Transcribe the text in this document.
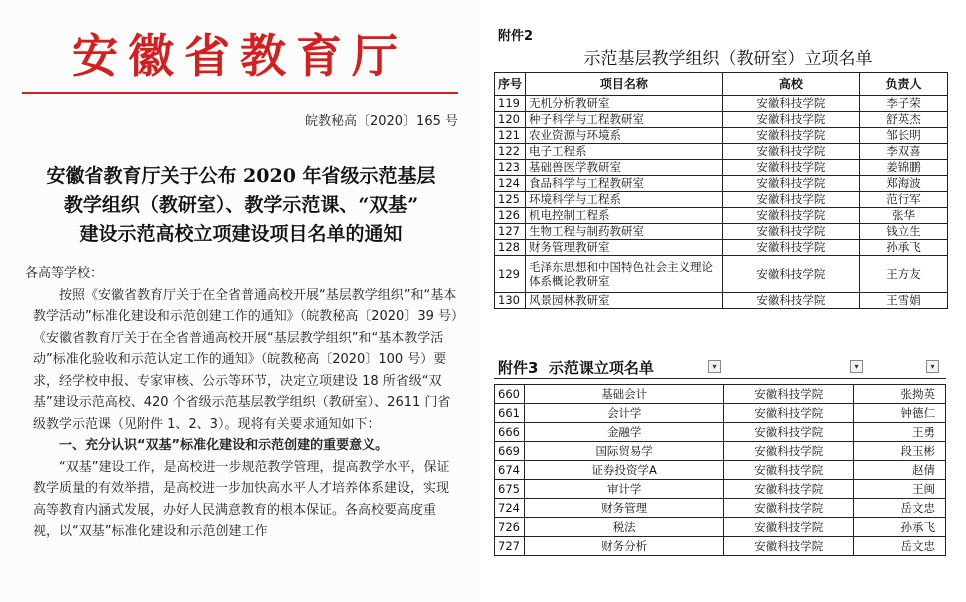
安徽省教育厅
皖教秘高〔2020〕165 号
安徽省教育厅关于公布 2020 年省级示范基层
教学组织（教研室）、教学示范课、“双基”
建设示范高校立项建设项目名单的通知

各高等学校：

按照《安徽省教育厅关于在全省普通高校开展“基层教学组织”和“基本教学活动”标准化建设和示范创建工作的通知》（皖教秘高〔2020〕39 号）《安徽省教育厅关于在全省普通高校开展“基层教学组织”和“基本教学活动”标准化验收和示范认定工作的通知》（皖教秘高〔2020〕100 号）要求，经学校申报、专家审核、公示等环节，决定立项建设 18 所省级“双基”建设示范高校、420 个省级示范基层教学组织（教研室）、2611 门省级教学示范课（见附件 1、2、3）。现将有关要求通知如下：

一、充分认识“双基”标准化建设和示范创建的重要意义。

“双基”建设工作，是高校进一步规范教学管理，提高教学水平，保证教学质量的有效举措，是高校进一步加快高水平人才培养体系建设，实现高等教育内涵式发展，办好人民满意教育的根本保证。各高校要高度重视，以“双基”标准化建设和示范创建工作

附件2
示范基层教学组织（教研室）立项名单
序号	项目名称	高校	负责人
119	无机分析教研室	安徽科技学院	李子荣
120	种子科学与工程教研室	安徽科技学院	舒英杰
121	农业资源与环境系	安徽科技学院	邹长明
122	电子工程系	安徽科技学院	李双喜
123	基础兽医学教研室	安徽科技学院	姜锦鹏
124	食品科学与工程教研室	安徽科技学院	郑海波
125	环境科学与工程系	安徽科技学院	范行军
126	机电控制工程系	安徽科技学院	张华
127	生物工程与制药教研室	安徽科技学院	钱立生
128	财务管理教研室	安徽科技学院	孙承飞
129	毛泽东思想和中国特色社会主义理论体系概论教研室	安徽科技学院	王方友
130	风景园林教研室	安徽科技学院	王雪娟
附件3 示范课立项名单	▾	▾	▾
660	基础会计	安徽科技学院	张拗英
661	会计学	安徽科技学院	钟德仁
666	金融学	安徽科技学院	王勇
669	国际贸易学	安徽科技学院	段玉彬
674	证券投资学A	安徽科技学院	赵倩
675	审计学	安徽科技学院	王闽
724	财务管理	安徽科技学院	岳文忠
726	税法	安徽科技学院	孙承飞
727	财务分析	安徽科技学院	岳文忠
